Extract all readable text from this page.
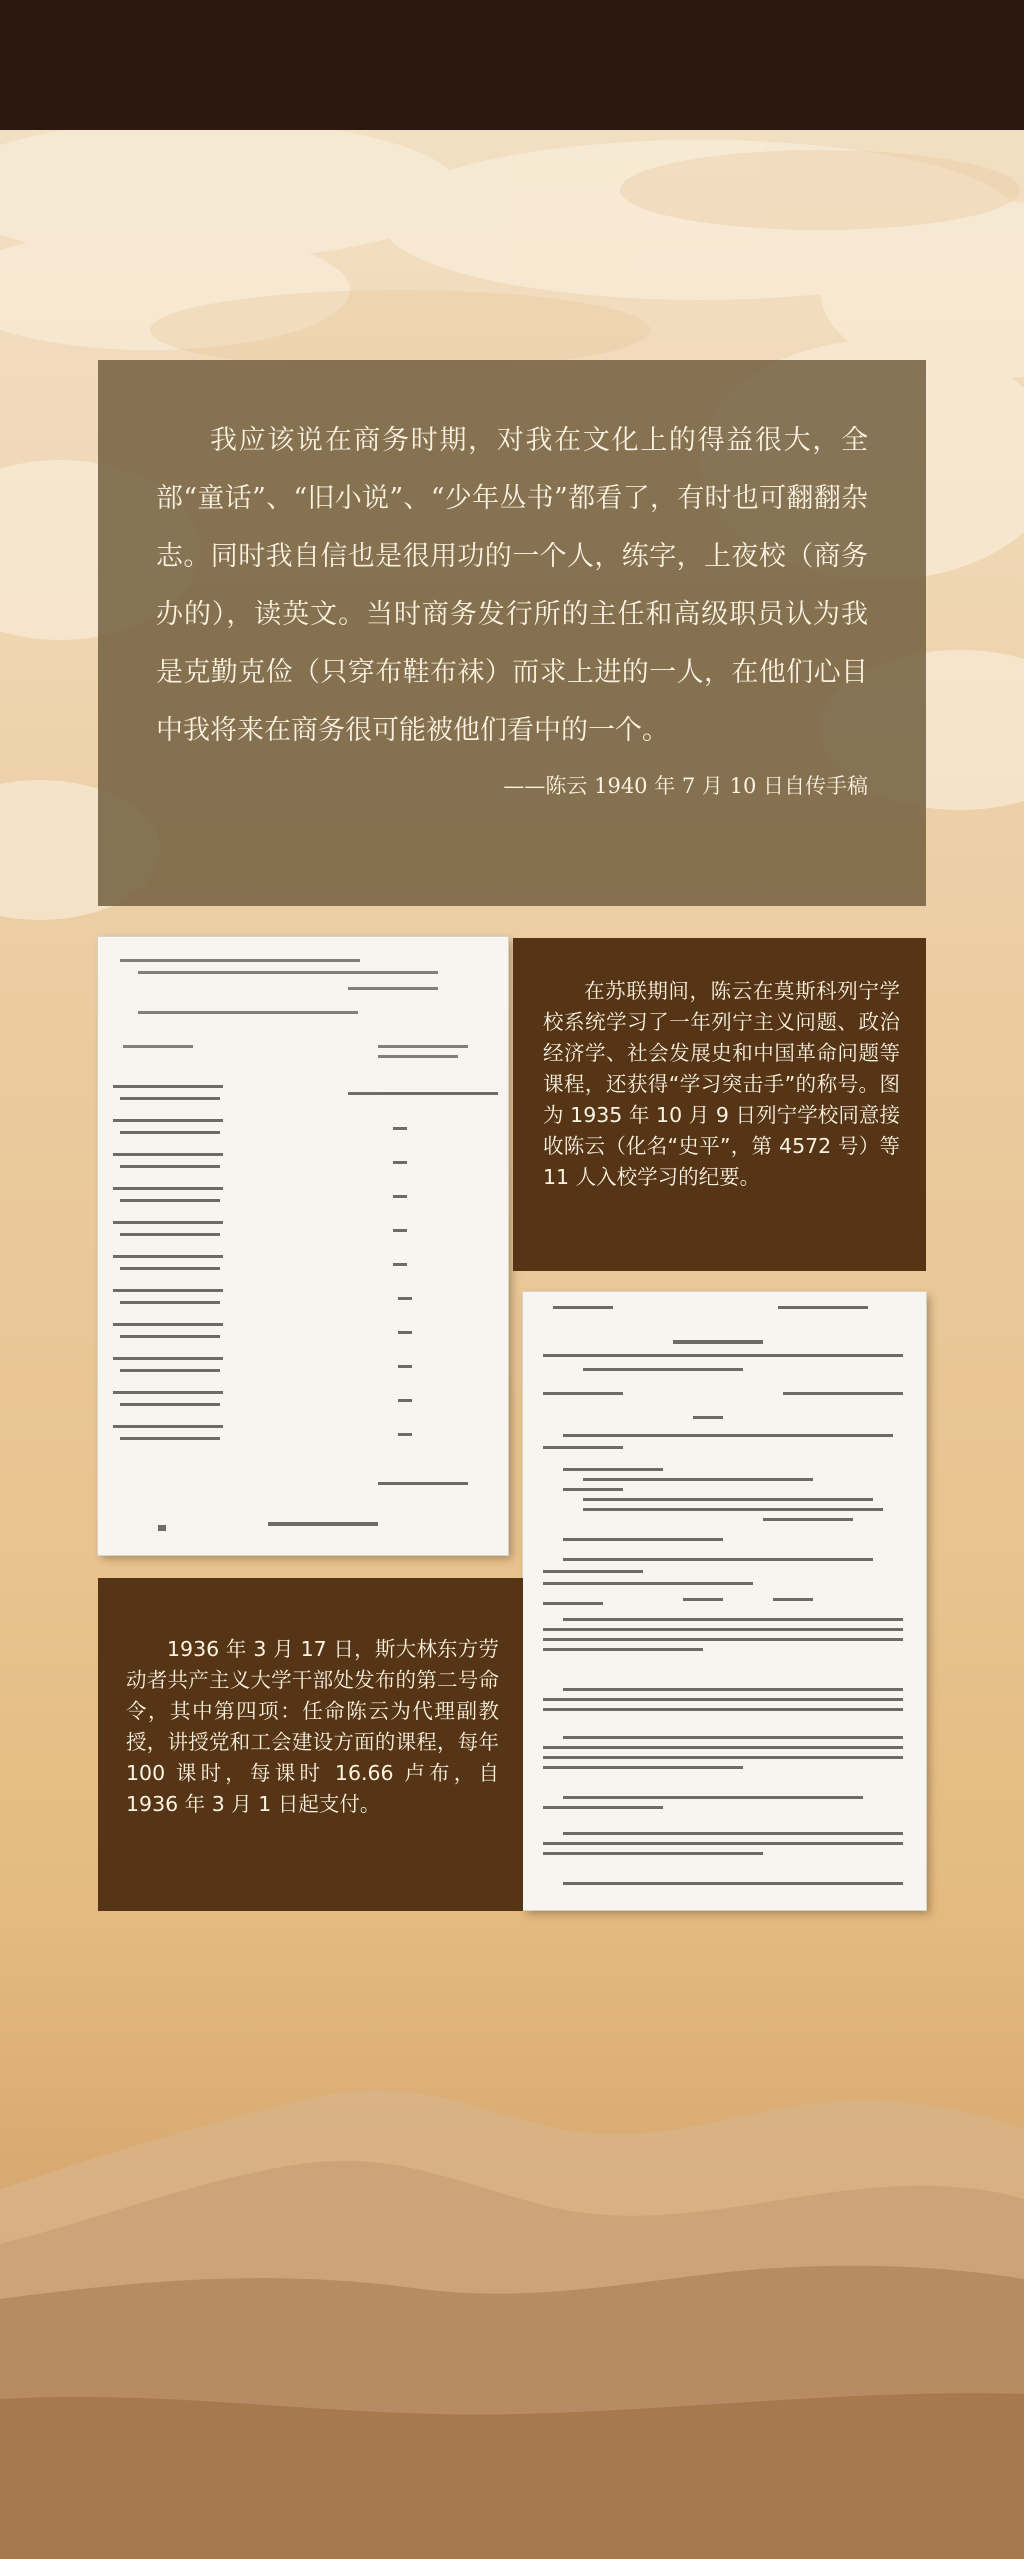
我应该说在商务时期，对我在文化上的得益很大，全部“童话”、“旧小说”、“少年丛书”都看了，有时也可翻翻杂志。同时我自信也是很用功的一个人，练字，上夜校（商务办的），读英文。当时商务发行所的主任和高级职员认为我是克勤克俭（只穿布鞋布袜）而求上进的一人，在他们心目中我将来在商务很可能被他们看中的一个。

——陈云 1940 年 7 月 10 日自传手稿

在苏联期间，陈云在莫斯科列宁学校系统学习了一年列宁主义问题、政治经济学、社会发展史和中国革命问题等课程，还获得“学习突击手”的称号。图为 1935 年 10 月 9 日列宁学校同意接收陈云（化名“史平”，第 4572 号）等 11 人入校学习的纪要。

1936 年 3 月 17 日，斯大林东方劳动者共产主义大学干部处发布的第二号命令，其中第四项：任命陈云为代理副教授，讲授党和工会建设方面的课程，每年 100 课时，每课时 16.66 卢布，自 1936 年 3 月 1 日起支付。
